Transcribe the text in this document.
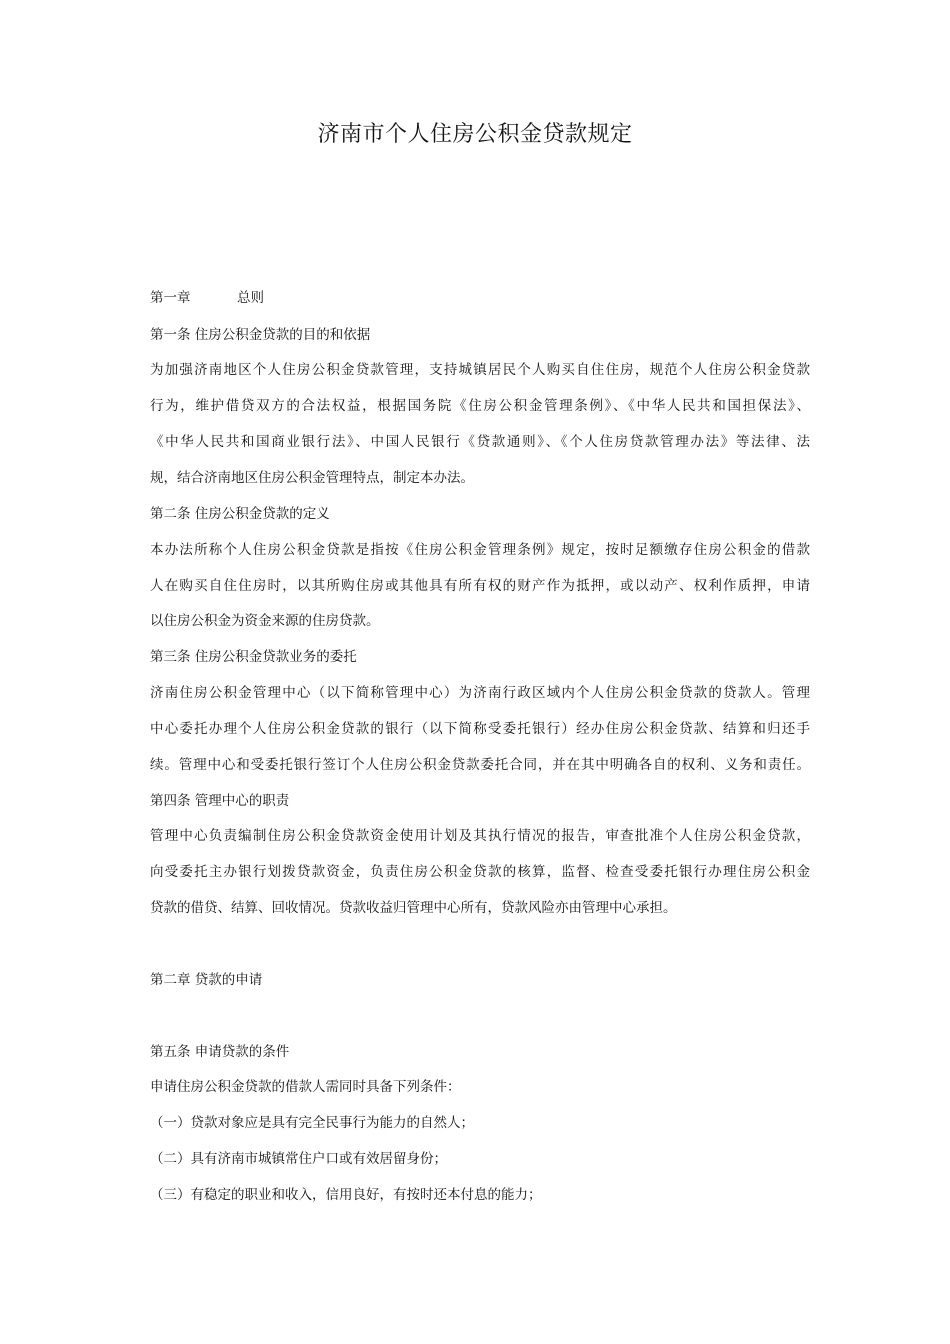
济南市个人住房公积金贷款规定
第一章	总则
第一条 住房公积金贷款的目的和依据
为加强济南地区个人住房公积金贷款管理，支持城镇居民个人购买自住住房，规范个人住房公积金贷款
行为，维护借贷双方的合法权益，根据国务院《住房公积金管理条例》、《中华人民共和国担保法》、
《中华人民共和国商业银行法》、中国人民银行《贷款通则》、《个人住房贷款管理办法》等法律、法
规，结合济南地区住房公积金管理特点，制定本办法。
第二条 住房公积金贷款的定义
本办法所称个人住房公积金贷款是指按《住房公积金管理条例》规定，按时足额缴存住房公积金的借款
人在购买自住住房时，以其所购住房或其他具有所有权的财产作为抵押，或以动产、权利作质押，申请
以住房公积金为资金来源的住房贷款。
第三条 住房公积金贷款业务的委托
济南住房公积金管理中心（以下简称管理中心）为济南行政区域内个人住房公积金贷款的贷款人。管理
中心委托办理个人住房公积金贷款的银行（以下简称受委托银行）经办住房公积金贷款、结算和归还手
续。管理中心和受委托银行签订个人住房公积金贷款委托合同，并在其中明确各自的权利、义务和责任。
第四条 管理中心的职责
管理中心负责编制住房公积金贷款资金使用计划及其执行情况的报告，审查批准个人住房公积金贷款，
向受委托主办银行划拨贷款资金，负责住房公积金贷款的核算，监督、检查受委托银行办理住房公积金
贷款的借贷、结算、回收情况。贷款收益归管理中心所有，贷款风险亦由管理中心承担。
第二章 贷款的申请
第五条 申请贷款的条件
申请住房公积金贷款的借款人需同时具备下列条件：
（一）贷款对象应是具有完全民事行为能力的自然人；
（二）具有济南市城镇常住户口或有效居留身份；
（三）有稳定的职业和收入，信用良好，有按时还本付息的能力；
